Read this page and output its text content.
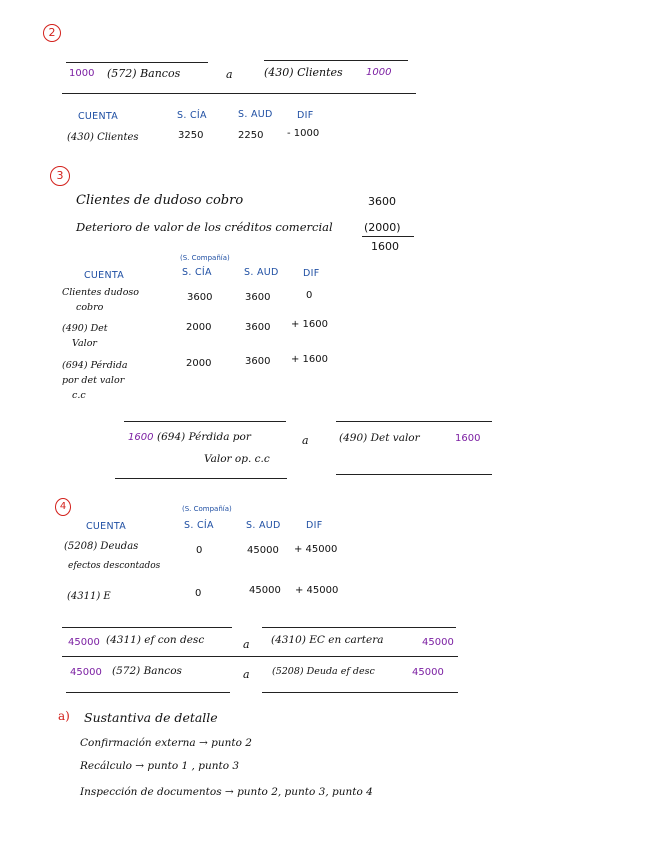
2
1000 (572) Bancos	a	(430) Clientes 1000
CUENTA	S. CÍA	S. AUD	DIF
(430) Clientes	3250	2250 - 1000
3
Clientes de dudoso cobro	3600
Deterioro de valor de los créditos comercial	(2000)
1600
(S. Compañía)
CUENTA	S. CÍA	S. AUD	DIF
Clientes dudoso
cobro
3600	3600	0
(490) Det
Valor
2000	3600 + 1600
(694) Pérdida
por det valor
c.c
2000	3600 + 1600
1600 (694) Pérdida por
Valor op. c.c
a	(490) Det valor	1600
4	(S. Compañía)
CUENTA	S. CÍA	S. AUD	DIF
(5208) Deudas
efectos descontados
0	45000 + 45000
(4311) E	0	45000 + 45000
45000 (4311) ef con desc	a (4310) EC en cartera	45000
45000 (572) Bancos	a (5208) Deuda ef desc	45000
a) Sustantiva de detalle
Confirmación externa → punto 2
Recálculo → punto 1 , punto 3
Inspección de documentos → punto 2, punto 3, punto 4
